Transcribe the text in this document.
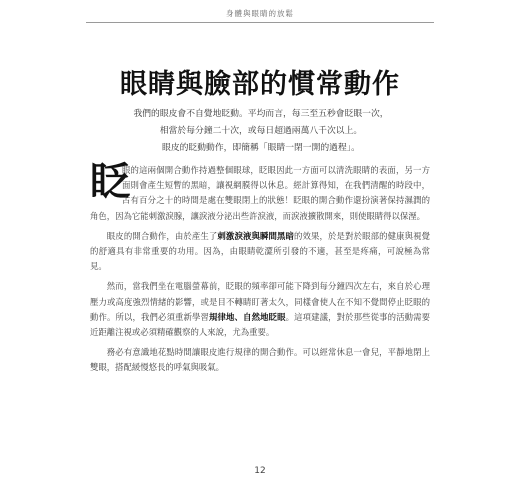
身體與眼睛的放鬆
眼睛與臉部的慣常動作

我們的眼皮會不自覺地眨動。平均而言，每三至五秒會眨眼一次，

相當於每分鐘二十次，或每日超過兩萬八千次以上。

眼皮的眨動動作，即簡稱「眼睛一閉一開的過程」。

眨
眼的這兩個開合動作持過整個眼球，眨眼因此一方面可以清洗眼睛的表面，另一方面則會產生短暫的黑暗，讓視網膜得以休息。經計算得知，在我們清醒的時段中，占有百分之十的時間是處在雙眼閉上的狀態！眨眼的開合動作還扮演著保持濕潤的角色，因為它能刺激淚腺，讓淚液分泌出些許淚液，而淚液擴散開來，則使眼睛得以保溼。

眼皮的開合動作，由於產生了刺激淚液與瞬間黑暗的效果，於是對於眼部的健康與視覺的舒適具有非常重要的功用。因為，由眼睛乾澀所引發的不適，甚至是疼痛，可說極為常見。

然而，當我們坐在電腦螢幕前，眨眼的頻率卻可能下降到每分鐘四次左右，來自於心理壓力或高度強烈情緒的影響，或是目不轉睛盯著太久，同樣會使人在不知不覺間停止眨眼的動作。所以，我們必須重新學習規律地、自然地眨眼。這項建議，對於那些從事的活動需要近距離注視或必須精確觀察的人來說，尤為重要。

務必有意識地花點時間讓眼皮進行規律的開合動作。可以經常休息一會兒，平靜地閉上雙眼，搭配緩慢悠長的呼氣與吸氣。

12
